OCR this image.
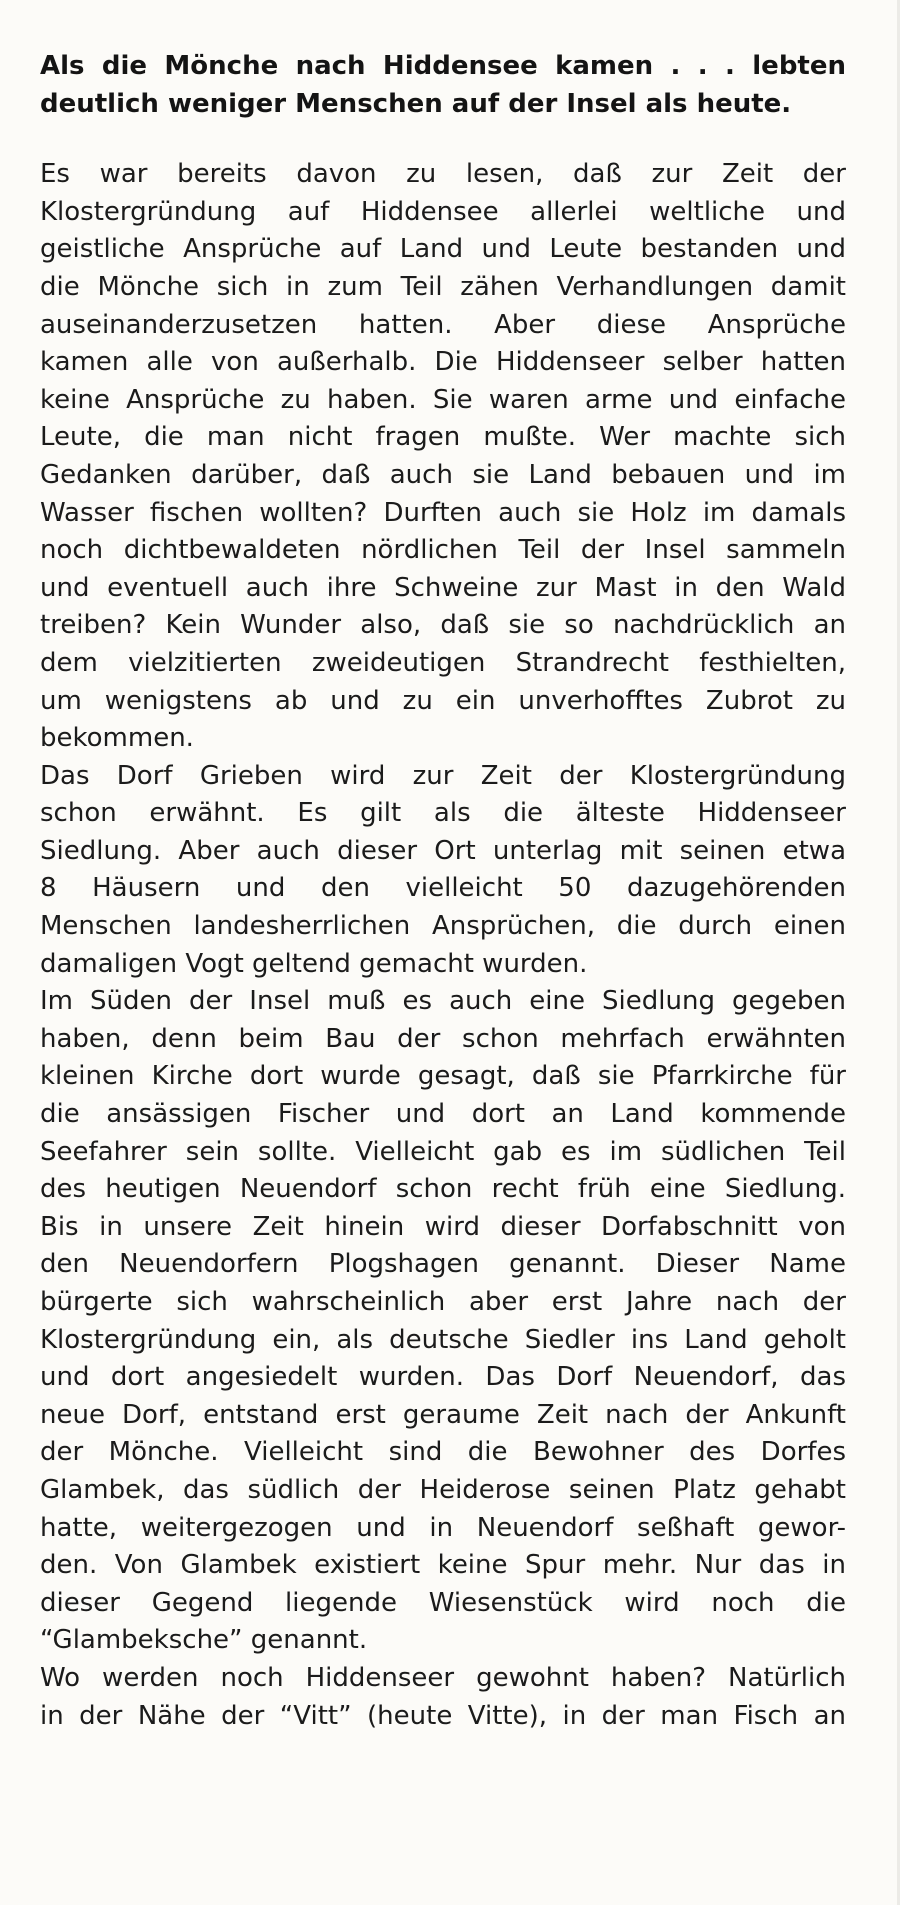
Als die Mönche nach Hiddensee kamen . . . lebten
deutlich weniger Menschen auf der Insel als heute.
Es war bereits davon zu lesen, daß zur Zeit der
Klostergründung auf Hiddensee allerlei weltliche und
geistliche Ansprüche auf Land und Leute bestanden und
die Mönche sich in zum Teil zähen Verhandlungen damit
auseinanderzusetzen hatten. Aber diese Ansprüche
kamen alle von außerhalb. Die Hiddenseer selber hatten
keine Ansprüche zu haben. Sie waren arme und einfache
Leute, die man nicht fragen mußte. Wer machte sich
Gedanken darüber, daß auch sie Land bebauen und im
Wasser fischen wollten? Durften auch sie Holz im damals
noch dichtbewaldeten nördlichen Teil der Insel sammeln
und eventuell auch ihre Schweine zur Mast in den Wald
treiben? Kein Wunder also, daß sie so nachdrücklich an
dem vielzitierten zweideutigen Strandrecht festhielten,
um wenigstens ab und zu ein unverhofftes Zubrot zu
bekommen.
Das Dorf Grieben wird zur Zeit der Klostergründung
schon erwähnt. Es gilt als die älteste Hiddenseer
Siedlung. Aber auch dieser Ort unterlag mit seinen etwa
8 Häusern und den vielleicht 50 dazugehörenden
Menschen landesherrlichen Ansprüchen, die durch einen
damaligen Vogt geltend gemacht wurden.
Im Süden der Insel muß es auch eine Siedlung gegeben
haben, denn beim Bau der schon mehrfach erwähnten
kleinen Kirche dort wurde gesagt, daß sie Pfarrkirche für
die ansässigen Fischer und dort an Land kommende
Seefahrer sein sollte. Vielleicht gab es im südlichen Teil
des heutigen Neuendorf schon recht früh eine Siedlung.
Bis in unsere Zeit hinein wird dieser Dorfabschnitt von
den Neuendorfern Plogshagen genannt. Dieser Name
bürgerte sich wahrscheinlich aber erst Jahre nach der
Klostergründung ein, als deutsche Siedler ins Land geholt
und dort angesiedelt wurden. Das Dorf Neuendorf, das
neue Dorf, entstand erst geraume Zeit nach der Ankunft
der Mönche. Vielleicht sind die Bewohner des Dorfes
Glambek, das südlich der Heiderose seinen Platz gehabt
hatte, weitergezogen und in Neuendorf seßhaft gewor-
den. Von Glambek existiert keine Spur mehr. Nur das in
dieser Gegend liegende Wiesenstück wird noch die
“Glambeksche” genannt.
Wo werden noch Hiddenseer gewohnt haben? Natürlich
in der Nähe der “Vitt” (heute Vitte), in der man Fisch an
